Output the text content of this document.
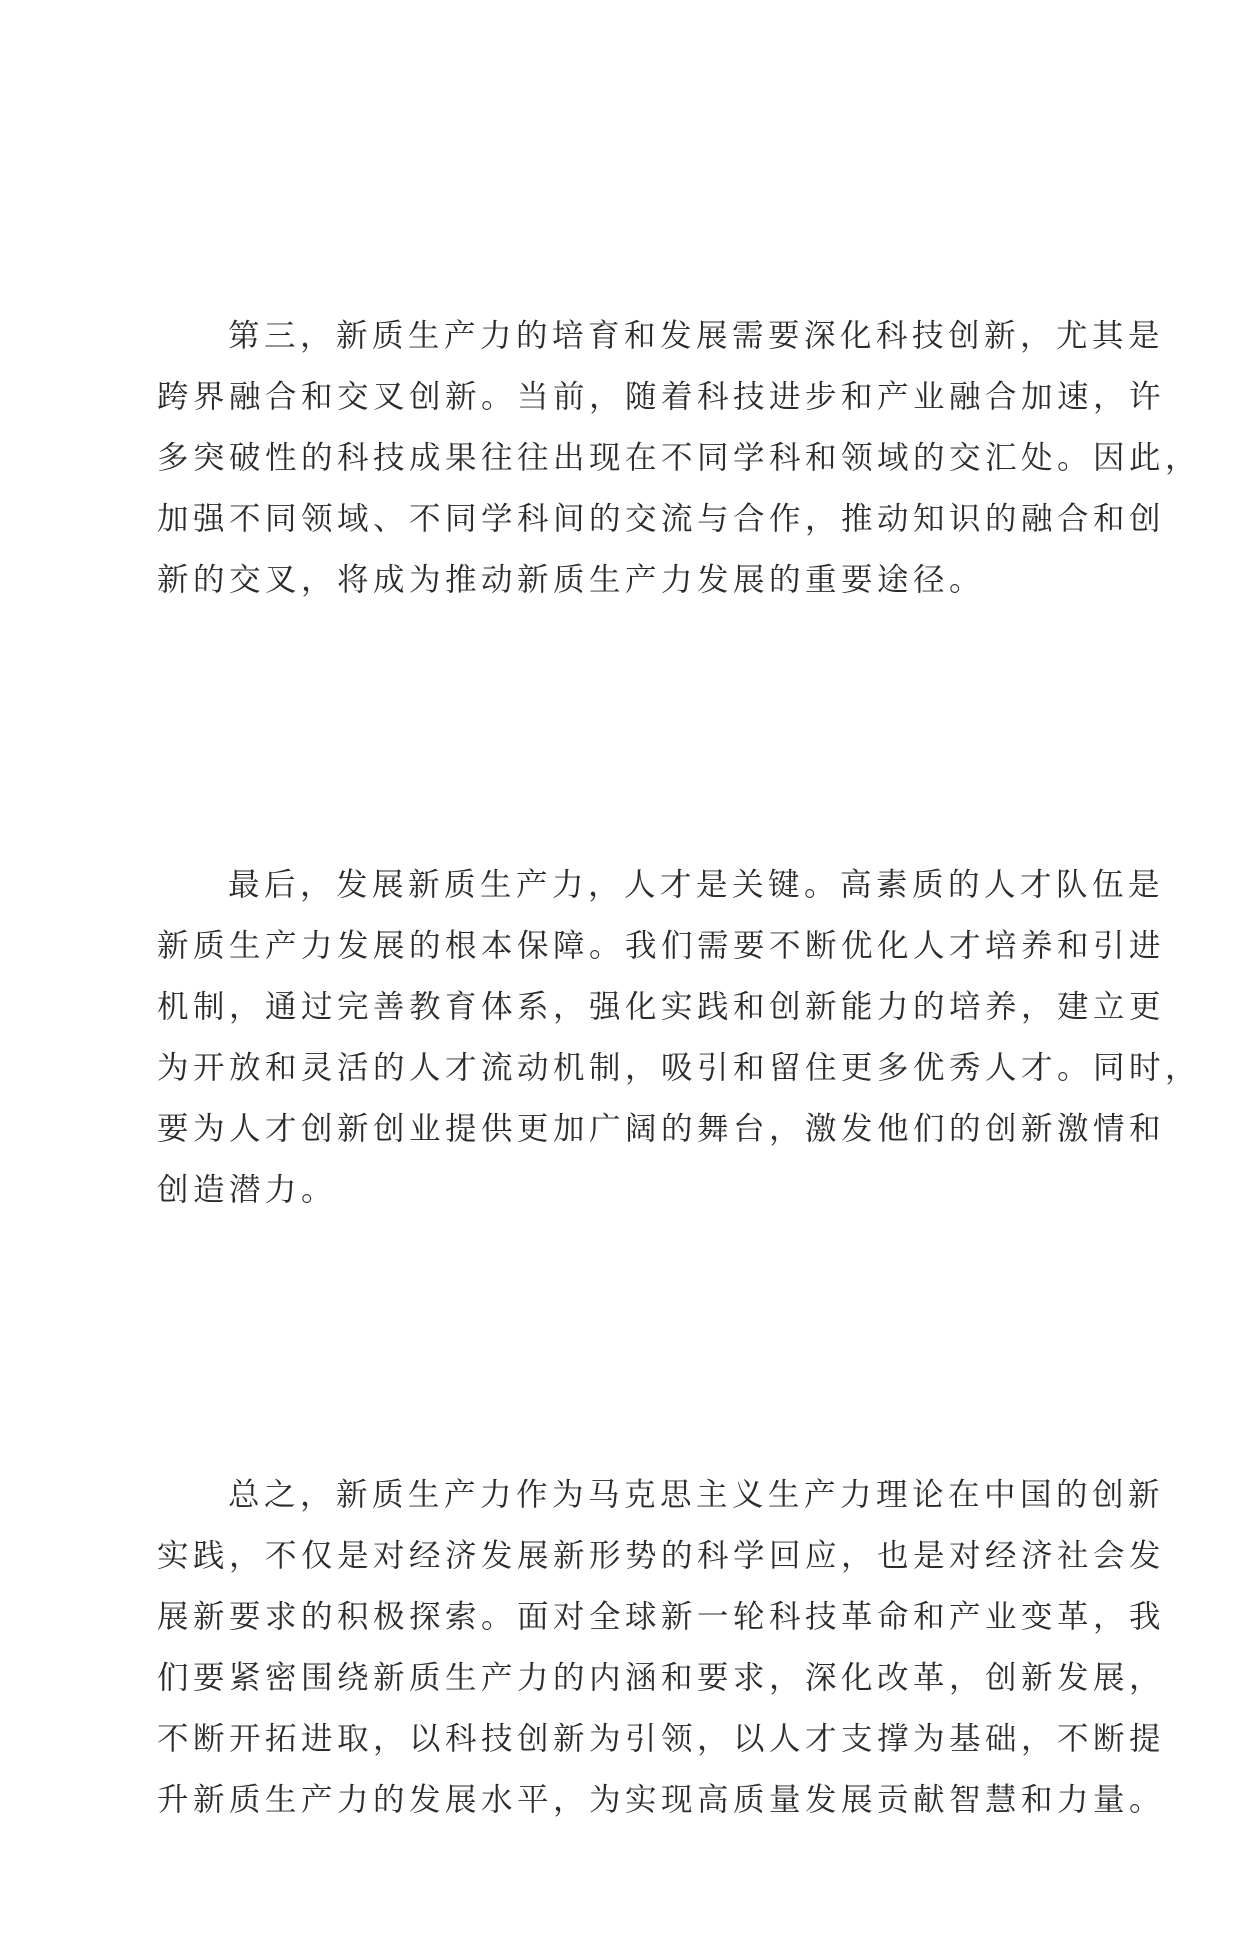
第三，新质生产力的培育和发展需要深化科技创新，尤其是
跨界融合和交叉创新。当前，随着科技进步和产业融合加速，许
多突破性的科技成果往往出现在不同学科和领域的交汇处。因此，
加强不同领域、不同学科间的交流与合作，推动知识的融合和创
新的交叉，将成为推动新质生产力发展的重要途径。

最后，发展新质生产力，人才是关键。高素质的人才队伍是
新质生产力发展的根本保障。我们需要不断优化人才培养和引进
机制，通过完善教育体系，强化实践和创新能力的培养，建立更
为开放和灵活的人才流动机制，吸引和留住更多优秀人才。同时，
要为人才创新创业提供更加广阔的舞台，激发他们的创新激情和
创造潜力。

总之，新质生产力作为马克思主义生产力理论在中国的创新
实践，不仅是对经济发展新形势的科学回应，也是对经济社会发
展新要求的积极探索。面对全球新一轮科技革命和产业变革，我
们要紧密围绕新质生产力的内涵和要求，深化改革，创新发展，
不断开拓进取，以科技创新为引领，以人才支撑为基础，不断提
升新质生产力的发展水平，为实现高质量发展贡献智慧和力量。
